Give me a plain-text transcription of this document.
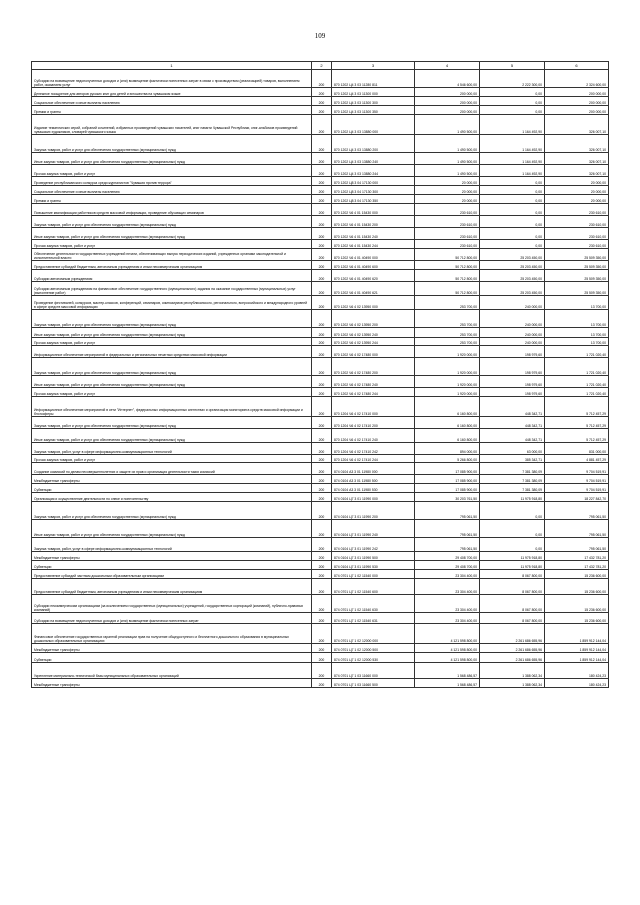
109
1	2	3	4	5	6
Субсидии на возмещение недополученных доходов и (или) возмещение фактически понесенных затрат в связи с производством (реализацией) товаров, выполнением работ, оказанием услуг	200	870 1202 Ц4 3 03 11280 811	4 546 600,00	2 222 300,00	2 324 600,00
Денежное поощрение для авторов русских книг для детей и юношества на чувашском языке	200	870 1202 Ц4 3 03 11300 000	200 000,00	0,00	200 000,00
Социальное обеспечение и иные выплаты населению	200	870 1202 Ц4 3 03 11300 300	200 000,00	0,00	200 000,00
Премии и гранты	200	870 1202 Ц4 3 03 11300 350	200 000,00	0,00	200 000,00
Издание тематических серий, собраний сочинений, избранных произведений чувашских писателей, книг памяти Чувашской Республики, книг-альбомов произведений чувашских художников, словарей чувашского языка	200	870 1202 Ц4 3 03 13880 000	1 490 500,00	1 164 492,90	326 007,10
Закупка товаров, работ и услуг для обеспечения государственных (муниципальных) нужд	200	870 1202 Ц4 3 03 13880 200	1 490 500,00	1 164 492,90	326 007,10
Иные закупки товаров, работ и услуг для обеспечения государственных (муниципальных) нужд	200	870 1202 Ц4 3 03 13880 240	1 490 500,00	1 164 492,90	326 007,10
Прочая закупка товаров, работ и услуг	200	870 1202 Ц4 3 03 13880 244	1 490 500,00	1 164 492,90	326 007,10
Проведение республиканского конкурса среди журналистов "Чувашия против террора"	200	870 1202 Ц8 3 04 17130 000	20 000,00	0,00	20 000,00
Социальное обеспечение и иные выплаты населению	200	870 1202 Ц8 3 04 17130 300	20 000,00	0,00	20 000,00
Премии и гранты	200	870 1202 Ц8 3 04 17130 350	20 000,00	0,00	20 000,00
Повышение квалификации работников средств массовой информации, проведение обучающих семинаров	200	870 1202 Ч6 4 01 15430 000	230 610,00	0,00	230 610,00
Закупка товаров, работ и услуг для обеспечения государственных (муниципальных) нужд	200	870 1202 Ч6 4 01 15430 200	230 610,00	0,00	230 610,00
Иные закупки товаров, работ и услуг для обеспечения государственных (муниципальных) нужд	200	870 1202 Ч6 4 01 15430 240	230 610,00	0,00	230 610,00
Прочая закупка товаров, работ и услуг	200	870 1202 Ч6 4 01 15430 244	230 610,00	0,00	230 610,00
Обеспечение деятельности государственных учреждений печати, обеспечивающих выпуск периодических изданий, учрежденных органами законодательной и исполнительной власти	200	870 1202 Ч6 4 01 40490 000	50 712 800,00	25 203 450,00	25 509 350,00
Предоставление субсидий бюджетным, автономным учреждениям и иным некоммерческим организациям	200	870 1202 Ч6 4 01 40490 600	50 712 800,00	25 203 450,00	25 509 350,00
Субсидии автономным учреждениям	200	870 1202 Ч6 4 01 40490 620	50 712 800,00	25 203 450,00	25 509 350,00
Субсидии автономным учреждениям на финансовое обеспечение государственного (муниципального) задания на оказание государственных (муниципальных) услуг (выполнение работ)	200	870 1202 Ч6 4 01 40490 621	50 712 800,00	25 203 450,00	25 509 350,00
Проведение фестивалей, конкурсов, мастер-классов, конференций, семинаров, симпозиумов республиканского, регионального, всероссийского и международного уровней в сфере средств массовой информации	200	870 1202 Ч6 4 02 13950 000	253 700,00	240 000,00	13 700,00
Закупка товаров, работ и услуг для обеспечения государственных (муниципальных) нужд	200	870 1202 Ч6 4 02 13950 200	253 700,00	240 000,00	13 700,00
Иные закупки товаров, работ и услуг для обеспечения государственных (муниципальных) нужд	200	870 1202 Ч6 4 02 13950 240	253 700,00	240 000,00	13 700,00
Прочая закупка товаров, работ и услуг	200	870 1202 Ч6 4 02 13950 244	253 700,00	240 000,00	13 700,00
Информационное обеспечение мероприятий в федеральных и региональных печатных средствах массовой информации	200	870 1202 Ч6 4 02 17480 000	1 920 000,00	198 979,60	1 721 020,40
Закупка товаров, работ и услуг для обеспечения государственных (муниципальных) нужд	200	870 1202 Ч6 4 02 17480 200	1 920 000,00	198 979,60	1 721 020,40
Иные закупки товаров, работ и услуг для обеспечения государственных (муниципальных) нужд	200	870 1202 Ч6 4 02 17480 240	1 920 000,00	198 979,60	1 721 020,40
Прочая закупка товаров, работ и услуг	200	870 1202 Ч6 4 02 17480 244	1 920 000,00	198 979,60	1 721 020,40
Информационное обеспечение мероприятий в сети "Интернет", федеральных информационных агентствах и организация мониторинга средств массовой информации и блогосферы	200	870 1204 Ч6 4 02 17410 000	6 160 800,00	448 342,71	5 712 457,29
Закупка товаров, работ и услуг для обеспечения государственных (муниципальных) нужд	200	870 1204 Ч6 4 02 17410 200	6 160 800,00	448 342,71	5 712 457,29
Иные закупки товаров, работ и услуг для обеспечения государственных (муниципальных) нужд	200	870 1204 Ч6 4 02 17410 240	6 160 800,00	448 342,71	5 712 457,29
Закупка товаров, работ, услуг в сфере информационно-коммуникационных технологий	200	870 1204 Ч6 4 02 17410 242	894 000,00	63 000,00	831 000,00
Прочая закупка товаров, работ и услуг	200	870 1204 Ч6 4 02 17410 244	5 266 800,00	385 342,71	4 881 457,29
Создание комиссий по делам несовершеннолетних и защите их прав и организация деятельности таких комиссий	200	874 0104 А3 3 01 11980 000	17 085 900,00	7 381 380,09	9 704 519,91
Межбюджетные трансферты	200	874 0104 А3 3 01 11980 500	17 085 900,00	7 381 380,09	9 704 519,91
Субвенции	200	874 0104 А3 3 01 11980 530	17 085 900,00	7 381 380,09	9 704 519,91
Организация и осуществление деятельности по опеке и попечительству	200	874 0104 Ц7 3 01 11990 000	30 203 761,50	11 975 918,80	18 227 842,70
Закупка товаров, работ и услуг для обеспечения государственных (муниципальных) нужд	200	874 0104 Ц7 3 01 11990 200	795 061,50	0,00	795 061,50
Иные закупки товаров, работ и услуг для обеспечения государственных (муниципальных) нужд	200	874 0104 Ц7 3 01 11990 240	795 061,50	0,00	795 061,50
Закупка товаров, работ, услуг в сфере информационно-коммуникационных технологий	200	874 0104 Ц7 3 01 11990 242	795 061,50	0,00	795 061,50
Межбюджетные трансферты	200	874 0104 Ц7 3 01 11990 500	29 408 700,00	11 975 918,80	17 432 781,20
Субвенции	200	874 0104 Ц7 3 01 11990 530	29 408 700,00	11 975 918,80	17 432 781,20
Предоставление субсидий частным дошкольным образовательным организациям	200	874 0701 Ц7 1 02 11540 000	23 304 400,00	8 067 800,00	15 236 600,00
Предоставление субсидий бюджетным, автономным учреждениям и иным некоммерческим организациям	200	874 0701 Ц7 1 02 11540 600	23 304 400,00	8 067 800,00	15 236 600,00
Субсидии некоммерческим организациям (за исключением государственных (муниципальных) учреждений, государственных корпораций (компаний), публично-правовых компаний)	200	874 0701 Ц7 1 02 11540 630	23 304 400,00	8 067 800,00	15 236 600,00
Субсидии на возмещение недополученных доходов и (или) возмещение фактически понесенных затрат	200	874 0701 Ц7 1 02 11540 631	23 304 400,00	8 067 800,00	15 236 600,00
Финансовое обеспечение государственных гарантий реализации прав на получение общедоступного и бесплатного дошкольного образования в муниципальных дошкольных образовательных организациях	200	874 0701 Ц7 1 02 12000 000	4 121 598 800,00	2 261 686 655,96	1 859 912 144,04
Межбюджетные трансферты	200	874 0701 Ц7 1 02 12000 500	4 121 598 800,00	2 261 686 655,96	1 859 912 144,04
Субвенции	200	874 0701 Ц7 1 02 12000 530	4 121 598 800,00	2 261 686 655,96	1 859 912 144,04
Укрепление материально-технической базы муниципальных образовательных организаций	200	874 0701 Ц7 1 03 11660 000	1 568 486,57	1 388 062,34	180 424,23
Межбюджетные трансферты	200	874 0701 Ц7 1 03 11660 500	1 568 486,57	1 388 062,34	180 424,23
